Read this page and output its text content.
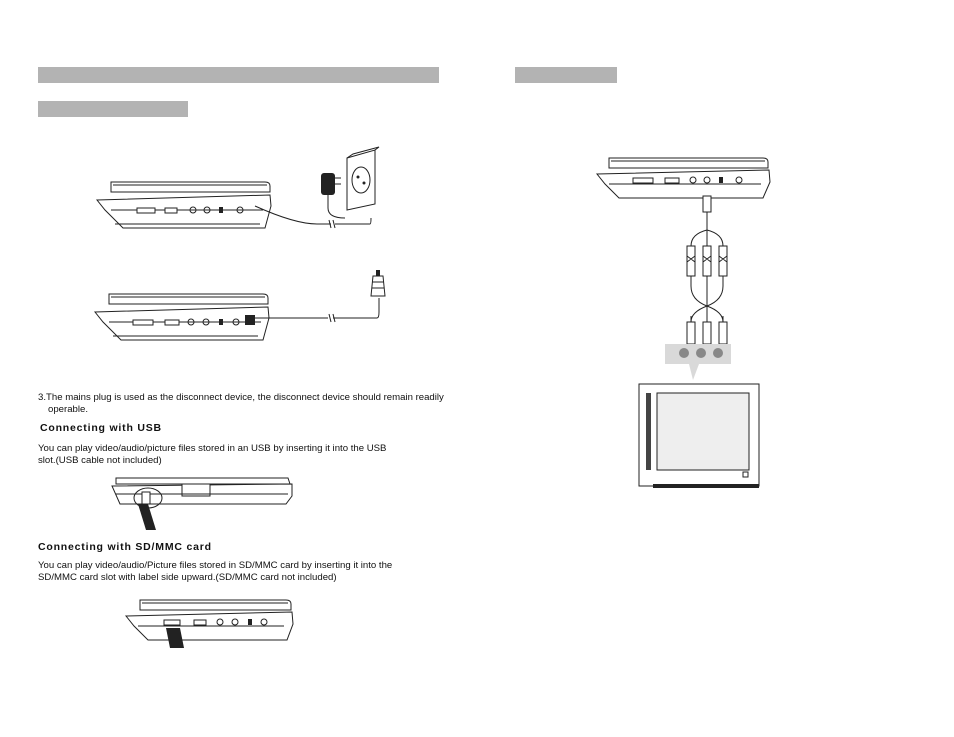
3.The mains plug is used as the disconnect device, the disconnect device should remain readily
operable.
Connecting with USB
You can play video/audio/picture files stored in an USB by inserting it into the USB
slot.(USB cable not included)
Connecting with SD/MMC card
You can play video/audio/Picture files stored in SD/MMC card by inserting it into the
SD/MMC card slot with label side upward.(SD/MMC card not included)
